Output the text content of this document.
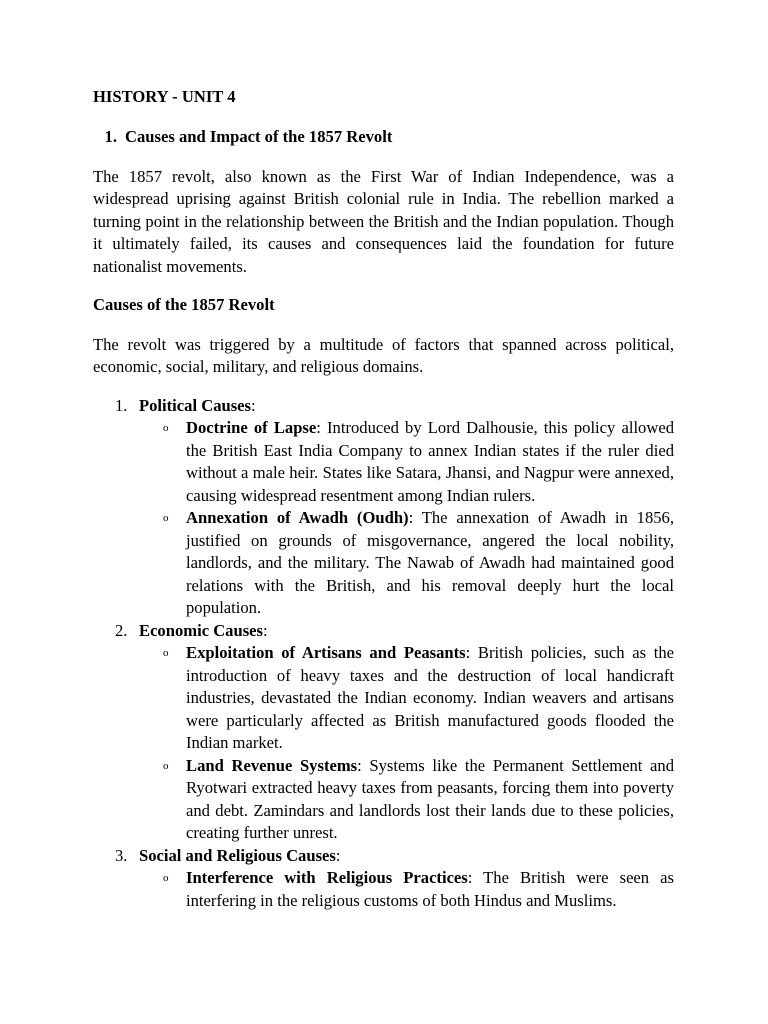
HISTORY - UNIT 4

1. Causes and Impact of the 1857 Revolt

The 1857 revolt, also known as the First War of Indian Independence, was a widespread uprising against British colonial rule in India. The rebellion marked a turning point in the relationship between the British and the Indian population. Though it ultimately failed, its causes and consequences laid the foundation for future nationalist movements.

Causes of the 1857 Revolt

The revolt was triggered by a multitude of factors that spanned across political, economic, social, military, and religious domains.

1. Political Causes:
o Doctrine of Lapse: Introduced by Lord Dalhousie, this policy allowed the British East India Company to annex Indian states if the ruler died without a male heir. States like Satara, Jhansi, and Nagpur were annexed, causing widespread resentment among Indian rulers.
o Annexation of Awadh (Oudh): The annexation of Awadh in 1856, justified on grounds of misgovernance, angered the local nobility, landlords, and the military. The Nawab of Awadh had maintained good relations with the British, and his removal deeply hurt the local population.
2. Economic Causes:
o Exploitation of Artisans and Peasants: British policies, such as the introduction of heavy taxes and the destruction of local handicraft industries, devastated the Indian economy. Indian weavers and artisans were particularly affected as British manufactured goods flooded the Indian market.
o Land Revenue Systems: Systems like the Permanent Settlement and Ryotwari extracted heavy taxes from peasants, forcing them into poverty and debt. Zamindars and landlords lost their lands due to these policies, creating further unrest.
3. Social and Religious Causes:
o Interference with Religious Practices: The British were seen as interfering in the religious customs of both Hindus and Muslims.
